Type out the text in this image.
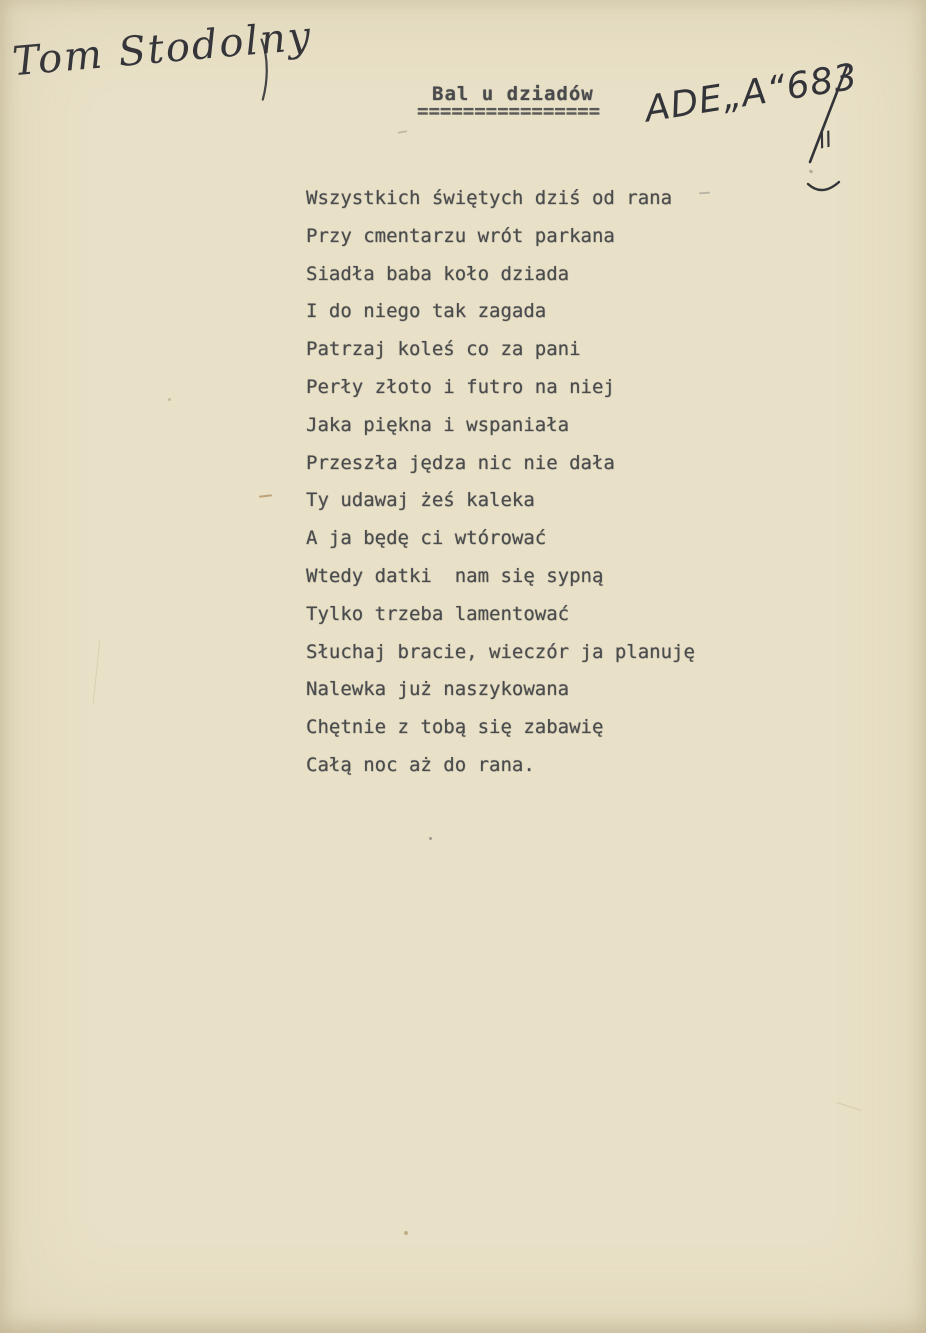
Tom Stodolny
Bal u dziadów
================ ADE„A“683
II
Wszystkich świętych dziś od rana
Przy cmentarzu wrót parkana
Siadła baba koło dziada
I do niego tak zagada
Patrzaj koleś co za pani
Perły złoto i futro na niej
Jaka piękna i wspaniała
Przeszła jędza nic nie dała
Ty udawaj żeś kaleka
A ja będę ci wtórować
Wtedy datki  nam się sypną
Tylko trzeba lamentować
Słuchaj bracie, wieczór ja planuję
Nalewka już naszykowana
Chętnie z tobą się zabawię
Całą noc aż do rana.
